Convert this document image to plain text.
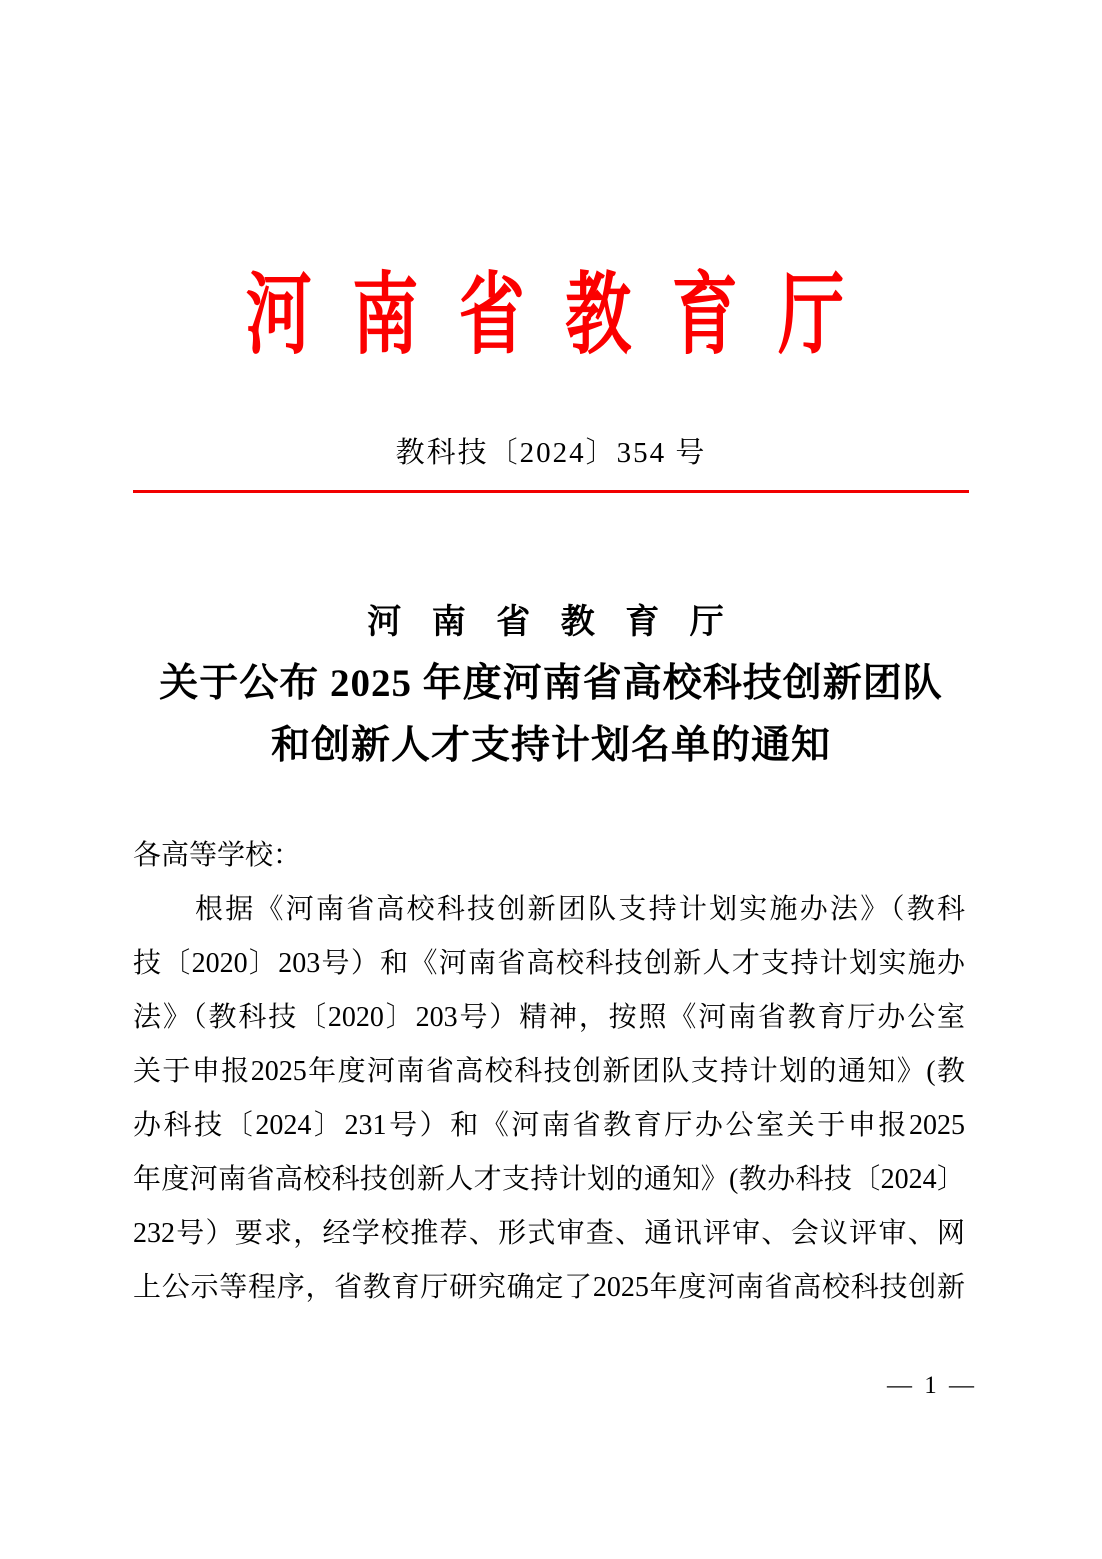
河 南 省 教 育 厅
教科技〔2024〕354 号
河 南 省 教 育 厅
关于公布 2025 年度河南省高校科技创新团队
和创新人才支持计划名单的通知
各高等学校：
根据《河南省高校科技创新团队支持计划实施办法》（教科
技〔2020〕203号）和《河南省高校科技创新人才支持计划实施办
法》（教科技〔2020〕203号）精神，按照《河南省教育厅办公室
关于申报2025年度河南省高校科技创新团队支持计划的通知》(教
办科技〔2024〕231号）和《河南省教育厅办公室关于申报2025
年度河南省高校科技创新人才支持计划的通知》(教办科技〔2024〕
232号）要求，经学校推荐、形式审查、通讯评审、会议评审、网
上公示等程序，省教育厅研究确定了2025年度河南省高校科技创新
— 1 —
